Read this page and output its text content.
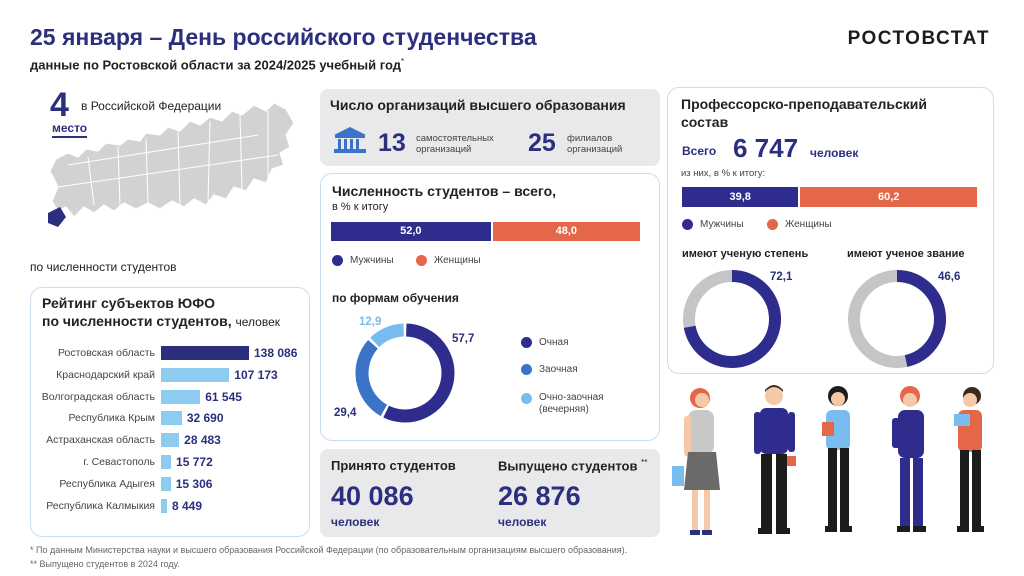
25 января – День российского студенчества
данные по Ростовской области за 2024/2025 учебный год*
РОСТОВСТАТ
4 в Российской Федерации
место
по численности студентов
Рейтинг субъектов ЮФО
по численности студентов, человек
Ростовская область	138 086
Краснодарский край	107 173
Волгоградская область	61 545
Республика Крым	32 690
Астраханская область 28 483
г. Севастополь 15 772
Республика Адыгея 15 306
Республика Калмыкия 8 449
Число организаций высшего образования
13 самостоятельных
организаций	25 филиалов
организаций
Численность студентов – всего,
в % к итогу
52,0	48,0
Мужчины	Женщины
по формам обучения
57,7
29,4
12,9
Очная
Заочная
Очно-заочная
(вечерняя)
Принято студентов
40 086
человек
Выпущено студентов **
26 876
человек
Профессорско-преподавательский
состав
Всего 6 747 человек
из них, в % к итогу:
39,8	60,2
Мужчины	Женщины
имеют ученую степень	имеют ученое звание
72,1	46,6
* По данным Министерства науки и высшего образования Российской Федерации (по образовательным организациям высшего образования).
** Выпущено студентов в 2024 году.
